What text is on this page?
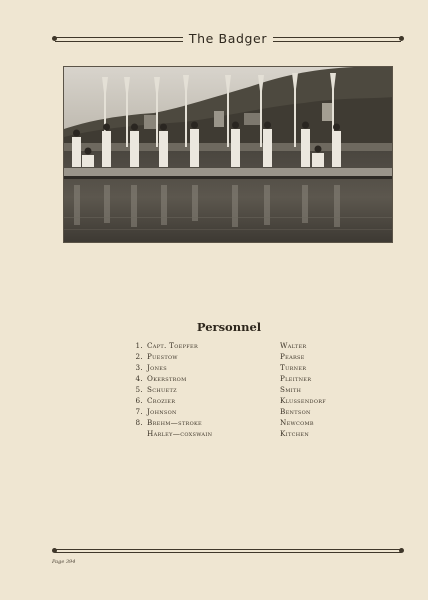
The Badger
Personnel
1. Capt. Toepfer	Walter
2. Puestow	Pearse
3. Jones	Turner
4. Okerstrom	Pleitner
5. Schuetz	Smith
6. Crozier	Klussendorf
7. Johnson	Bentson
8. Brehm—stroke	Newcomb
Harley—coxswain	Kitchen
Page 394
